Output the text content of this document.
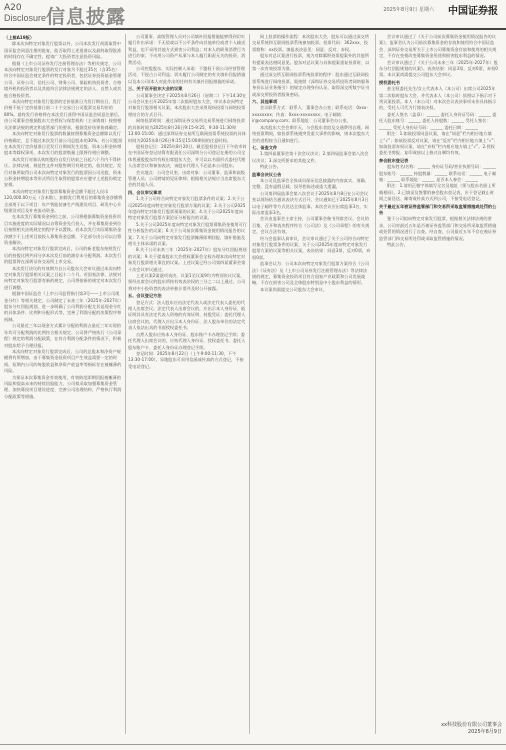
A20
Disclosure 信息披露	中国证券报
2025年8月9日 星期六

（上接A19版）

除本次向特定对象发行股票以外，公司本次发行尚需取得中国证监会同意注册的批复，能否取得上述批准以及最终取得批准的时间存在不确定性，提请广大投资者注意投资风险。

根据《上市公司证券发行注册管理办法》等相关规定，公司本次向特定对象发行股票的发行对象为不超过35名（含35名）符合中国证监会规定条件的特定投资者，包括证券投资基金管理公司、证券公司、信托公司、财务公司、保险机构投资者、合格境外机构投资者以及其他符合法律法规规定的法人、自然人或其他合格投资者。

本次向特定对象发行股票的定价基准日为发行期首日，发行价格不低于定价基准日前二十个交易日公司股票交易均价的80%。最终发行价格将在本次发行获得中国证监会同意注册后，由公司董事会根据股东大会授权与保荐机构（主承销商）按照相关法律法规的规定和监管部门的要求，根据竞价结果协商确定。

本次向特定对象发行股票的数量按照募集资金总额除以发行价格确定，且不超过本次发行前公司总股本的30%。若公司股票在本次发行定价基准日至发行日期间发生送股、资本公积金转增股本等除权事项，本次发行的股票数量上限将作相应调整。

本次发行对象认购的股份自发行结束之日起六个月内不得转让。法律法规、规范性文件对限售期另有规定的，依其规定。发行对象所取得公司本次向特定对象发行的股票因公司送股、资本公积金转增股本等形式所衍生取得的股票亦应遵守上述股份锁定安排。

本次向特定对象发行股票募集资金总额不超过人民币120,000.00万元（含本数），扣除发行费用后的募集资金净额将全部用于以下项目：年产智能装备生产线建设项目、研发中心升级建设项目及补充流动资金。

在本次发行募集资金到位之前，公司将根据募集资金投资项目实施进度的实际情况以自筹资金先行投入，并在募集资金到位后按照相关法规规定的程序予以置换。若本次发行实际募集资金净额少于上述项目拟投入募集资金总额，不足部分由公司以自筹资金解决。

本次向特定对象发行股票完成后，公司的新老股东按照发行后的持股比例共同分享本次发行前的滚存未分配利润。本次发行的股票将在深圳证券交易所上市交易。

本次发行决议的有效期为自公司股东大会审议通过本次向特定对象发行股票相关议案之日起十二个月。若国家法律、法规对向特定对象发行股票有新的规定，公司将按新的规定对本次发行进行调整。

根据中国证监会《上市公司监管指引第3号——上市公司现金分红》等相关规定，公司制定了未来三年（2025年-2027年）股东分红回报规划，进一步明确了公司利润分配尤其是现金分红的具体条件、比例和分配形式等，完善了利润分配的决策程序和机制。

公司最近三年以现金方式累计分配的利润占最近三年实现的年均可分配利润的比例符合相关规定。公司将严格执行《公司章程》规定的利润分配政策，在符合利润分配条件的情况下，积极对股东给予合理回报。

本次向特定对象发行股票完成后，公司的总股本和净资产规模将有所增加，由于募集资金投资项目产生效益需要一定的时间，短期内公司的每股收益和净资产收益率等指标存在被摊薄的风险。

为保证本次募集资金有效使用，有效防范即期回报被摊薄的风险和提高未来的持续回报能力，公司拟采取加强募集资金管理、加快募投项目建设进度、完善公司治理结构、严格执行利润分配政策等措施。

公司董事、高级管理人员对公司填补回报措施能够得到切实履行作出承诺：不无偿或以不公平条件向其他单位或者个人输送利益，也不采用其他方式损害公司利益；对本人的职务消费行为进行约束；不动用公司资产从事与本人履行职责无关的投资、消费活动。

公司控股股东、实际控制人承诺：不越权干预公司经营管理活动，不侵占公司利益；切实履行公司制定的有关填补回报措施以及本公司/本人对此作出的任何有关填补回报措施的承诺。

三、关于召开股东大会的议案

公司董事会决定于2025年8月26日（星期二）下午14:30在公司会议室召开2025年第二次临时股东大会，审议本次向特定对象发行股票相关议案。本次股东大会采用现场投票与网络投票相结合的方式召开。

网络投票时间：通过深圳证券交易所交易系统进行网络投票的具体时间为2025年8月26日9:15-9:25，9:30-11:30和13:00-15:00；通过深圳证券交易所互联网投票系统投票的具体时间为2025年8月26日9:15至15:00期间的任意时间。

股权登记日：2025年8月20日。截至股权登记日下午收市时在中国证券登记结算有限责任公司深圳分公司登记在册的公司全体普通股股东均有权出席股东大会，并可以以书面形式委托代理人出席会议和参加表决，该股东代理人不必是本公司股东。

会议地点：公司会议室。出席对象：公司董事、监事和高级管理人员；公司聘请的见证律师；根据相关法规应当出席股东大会的其他人员。

四、会议审议事项

1.关于公司符合向特定对象发行股票条件的议案；2.关于公司2025年度向特定对象发行股票方案的议案；3.关于公司2025年度向特定对象发行股票预案的议案；4.关于公司2025年度向特定对象发行股票方案论证分析报告的议案。

5.关于公司2025年度向特定对象发行股票募集资金使用可行性分析报告的议案；6.关于公司前次募集资金使用情况报告的议案；7.关于公司向特定对象发行股票摊薄即期回报、填补措施及相关主体承诺的议案。

8.关于公司未来三年（2025年-2027年）股东分红回报规划的议案；9.关于提请股东大会授权董事会全权办理本次向特定对象发行股票相关事宜的议案。上述议案已经公司第四届董事会第十次会议审议通过。

上述议案2需逐项表决，议案1至议案9均为特别决议议案，须经出席会议的股东所持有效表决权的三分之二以上通过。公司将对中小投资者的表决单独计票并及时公开披露。

五、会议登记方法

登记方式：法人股东应由法定代表人或法定代表人委托的代理人出席会议。法定代表人出席会议的，应出示本人身份证、能证明其具有法定代表人资格的有效证明、持股凭证；委托代理人出席会议的，代理人应出示本人身份证、法人股东单位的法定代表人依法出具的书面授权委托书。

自然人股东应持本人身份证、股东账户卡办理登记手续；委托代理人出席会议的，应持代理人身份证、授权委托书、委托人股东账户卡、委托人身份证办理登记手续。

登记时间：2025年8月22日（上午9:00-11:30，下午13:30-17:00）。异地股东可采用信函或传真的方式登记，不接受电话登记。

网上投票的操作流程：本次股东大会，股东可以通过深交所交易系统和互联网投票系统参加投票。投票代码：362xxx，投票简称：xx投票。填报表决意见：同意、反对、弃权。

股东对总议案进行投票，视为对除累积投票提案外的其他所有提案表达相同意见。股东对总议案与具体提案重复投票时，以第一次有效投票为准。

通过深交所互联网投票系统投票的程序：股东通过互联网投票系统进行网络投票，需按照《深圳证券交易所投资者网络服务身份认证业务指引》的规定办理身份认证，取得深交所数字证书或深交所投资者服务密码。

六、其他事项

会议联系方式：联系人：董事会办公室；联系电话：0xxx-xxxxxxxx；传真：0xxx-xxxxxxxx；电子邮箱：ir@company.com；联系地址：公司董事会办公室。

本次股东大会会期半天，与会股东食宿及交通费用自理。网络投票期间，如投票系统遇突发重大事件的影响，则本次股东大会的进程按当日通知进行。

七、备查文件

1.第四届董事会第十次会议决议；2.第四届监事会第八次会议决议；3.深交所要求的其他文件。

特此公告。

监事会决议公告

本公司及监事会全体成员保证信息披露的内容真实、准确、完整，没有虚假记载、误导性陈述或重大遗漏。

公司第四届监事会第八次会议于2025年8月8日在公司会议室以现场结合通讯表决方式召开。会议通知已于2025年8月3日以电子邮件等方式送达全体监事。本次会议应出席监事3名，实际出席监事3名。

会议由监事会主席主持，公司董事会秘书列席会议。会议的召集、召开和表决程序符合《公司法》及《公司章程》的有关规定，会议合法有效。

经与会监事认真审议，会议审议通过了关于公司符合向特定对象发行股票条件的议案、关于公司2025年度向特定对象发行股票方案的议案等相关议案，表决结果：同意3票，反对0票，弃权0票。

监事会认为：公司本次向特定对象发行股票方案符合《公司法》《证券法》及《上市公司证券发行注册管理办法》等法律法规的规定，募集资金投资项目符合国家产业政策和公司发展战略，不存在损害公司及全体股东特别是中小股东利益的情形。

本议案尚需提交公司股东大会审议。

会议审议通过了《关于公司前次募集资金使用情况报告的议案》。监事会认为公司前次募集资金的存放和使用符合中国证监会、深圳证券交易所关于上市公司募集资金存放和使用的相关规定，不存在变相改变募集资金用途和损害股东利益的情况。

会议审议通过了《关于公司未来三年（2025年-2027年）股东分红回报规划的议案》。表决结果：同意3票，反对0票，弃权0票。本议案尚需提交公司股东大会审议。

授权委托书

兹全权委托先生/女士代表本人（本公司）出席公司2025年第二次临时股东大会，并代表本人（本公司）依照以下指示对下列议案投票。本人（本公司）对本次会议表决事项未作具体指示的，受托人可代为行使表决权。

委托人签名（盖章）：______ 委托人身份证号码：______ 委托人股东账号：______ 委托人持股数：______ 受托人签名：______ 受托人身份证号码：______ 委托日期：______

附注：1.如欲投票同意议案，请在“同意”栏内相应地方填上“√”；如欲投票反对议案，请在“反对”栏内相应地方填上“√”；如欲投票弃权议案，请在“弃权”栏内相应地方填上“√”。2.授权委托书剪报、复印或按以上格式自制均有效。

参会股东登记表

股东姓名/名称：______ 身份证号码/营业执照号码：______ 股东账号：______ 持股数量：______ 联系电话：______ 电子邮箱：______ 联系地址：______ 是否本人参会：______

附注：1.请用正楷字体填写全名及地址（须与股东名册上所载相同）。2.已填妥及签署的参会股东登记表，应于登记截止时间之前送达、邮寄或传真方式到公司，不接受电话登记。

关于最近五年被证券监管部门和交易所采取监管措施或处罚的公告

鉴于公司拟向特定对象发行股票，根据相关法律法规的要求，公司对最近五年是否被证券监管部门和交易所采取监管措施或处罚的情况进行了自查。经自查，公司最近五年不存在被证券监管部门和交易所处罚或采取监管措施的情况。

特此公告。

xx科技股份有限公司董事会
2025年8月9日
